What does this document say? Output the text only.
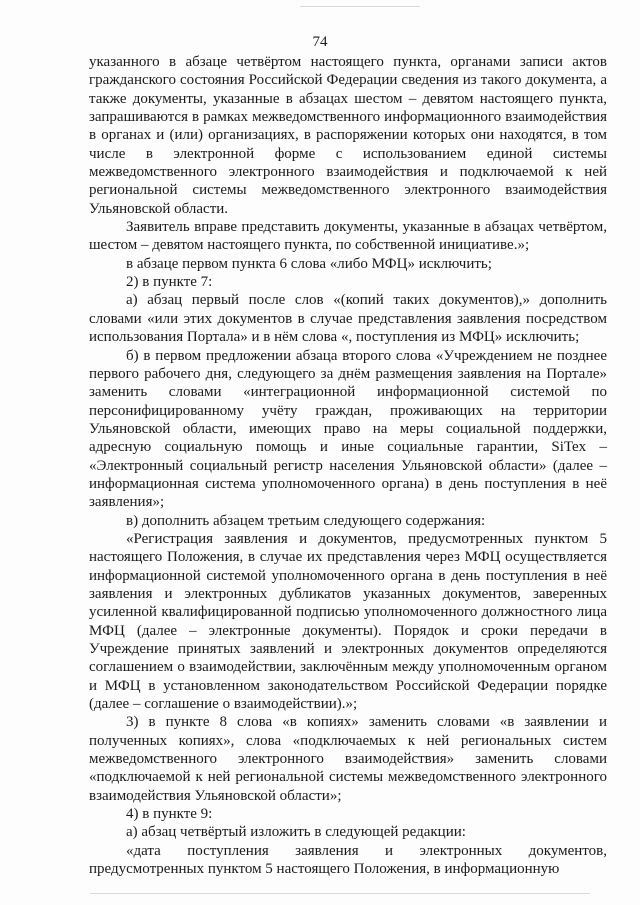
74

указанного в абзаце четвёртом настоящего пункта, органами записи актов гражданского состояния Российской Федерации сведения из такого документа, а также документы, указанные в абзацах шестом – девятом настоящего пункта, запрашиваются в рамках межведомственного информационного взаимодействия в органах и (или) организациях, в распоряжении которых они находятся, в том числе в электронной форме с использованием единой системы межведомственного электронного взаимодействия и подключаемой к ней региональной системы межведомственного электронного взаимодействия Ульяновской области.

Заявитель вправе представить документы, указанные в абзацах четвёртом, шестом – девятом настоящего пункта, по собственной инициативе.»;

в абзаце первом пункта 6 слова «либо МФЦ» исключить;

2) в пункте 7:

а) абзац первый после слов «(копий таких документов),» дополнить словами «или этих документов в случае представления заявления посредством использования Портала» и в нём слова «, поступления из МФЦ» исключить;

б) в первом предложении абзаца второго слова «Учреждением не позднее первого рабочего дня, следующего за днём размещения заявления на Портале» заменить словами «интеграционной информационной системой по персонифицированному учёту граждан, проживающих на территории Ульяновской области, имеющих право на меры социальной поддержки, адресную социальную помощь и иные социальные гарантии, SiTex – «Электронный социальный регистр населения Ульяновской области» (далее – информационная система уполномоченного органа) в день поступления в неё заявления»;

в) дополнить абзацем третьим следующего содержания:

«Регистрация заявления и документов, предусмотренных пунктом 5 настоящего Положения, в случае их представления через МФЦ осуществляется информационной системой уполномоченного органа в день поступления в неё заявления и электронных дубликатов указанных документов, заверенных усиленной квалифицированной подписью уполномоченного должностного лица МФЦ (далее – электронные документы). Порядок и сроки передачи в Учреждение принятых заявлений и электронных документов определяются соглашением о взаимодействии, заключённым между уполномоченным органом и МФЦ в установленном законодательством Российской Федерации порядке (далее – соглашение о взаимодействии).»;

3) в пункте 8 слова «в копиях» заменить словами «в заявлении и полученных копиях», слова «подключаемых к ней региональных систем межведомственного электронного взаимодействия» заменить словами «подключаемой к ней региональной системы межведомственного электронного взаимодействия Ульяновской области»;

4) в пункте 9:

а) абзац четвёртый изложить в следующей редакции:

«дата поступления заявления и электронных документов, предусмотренных пунктом 5 настоящего Положения, в информационную
